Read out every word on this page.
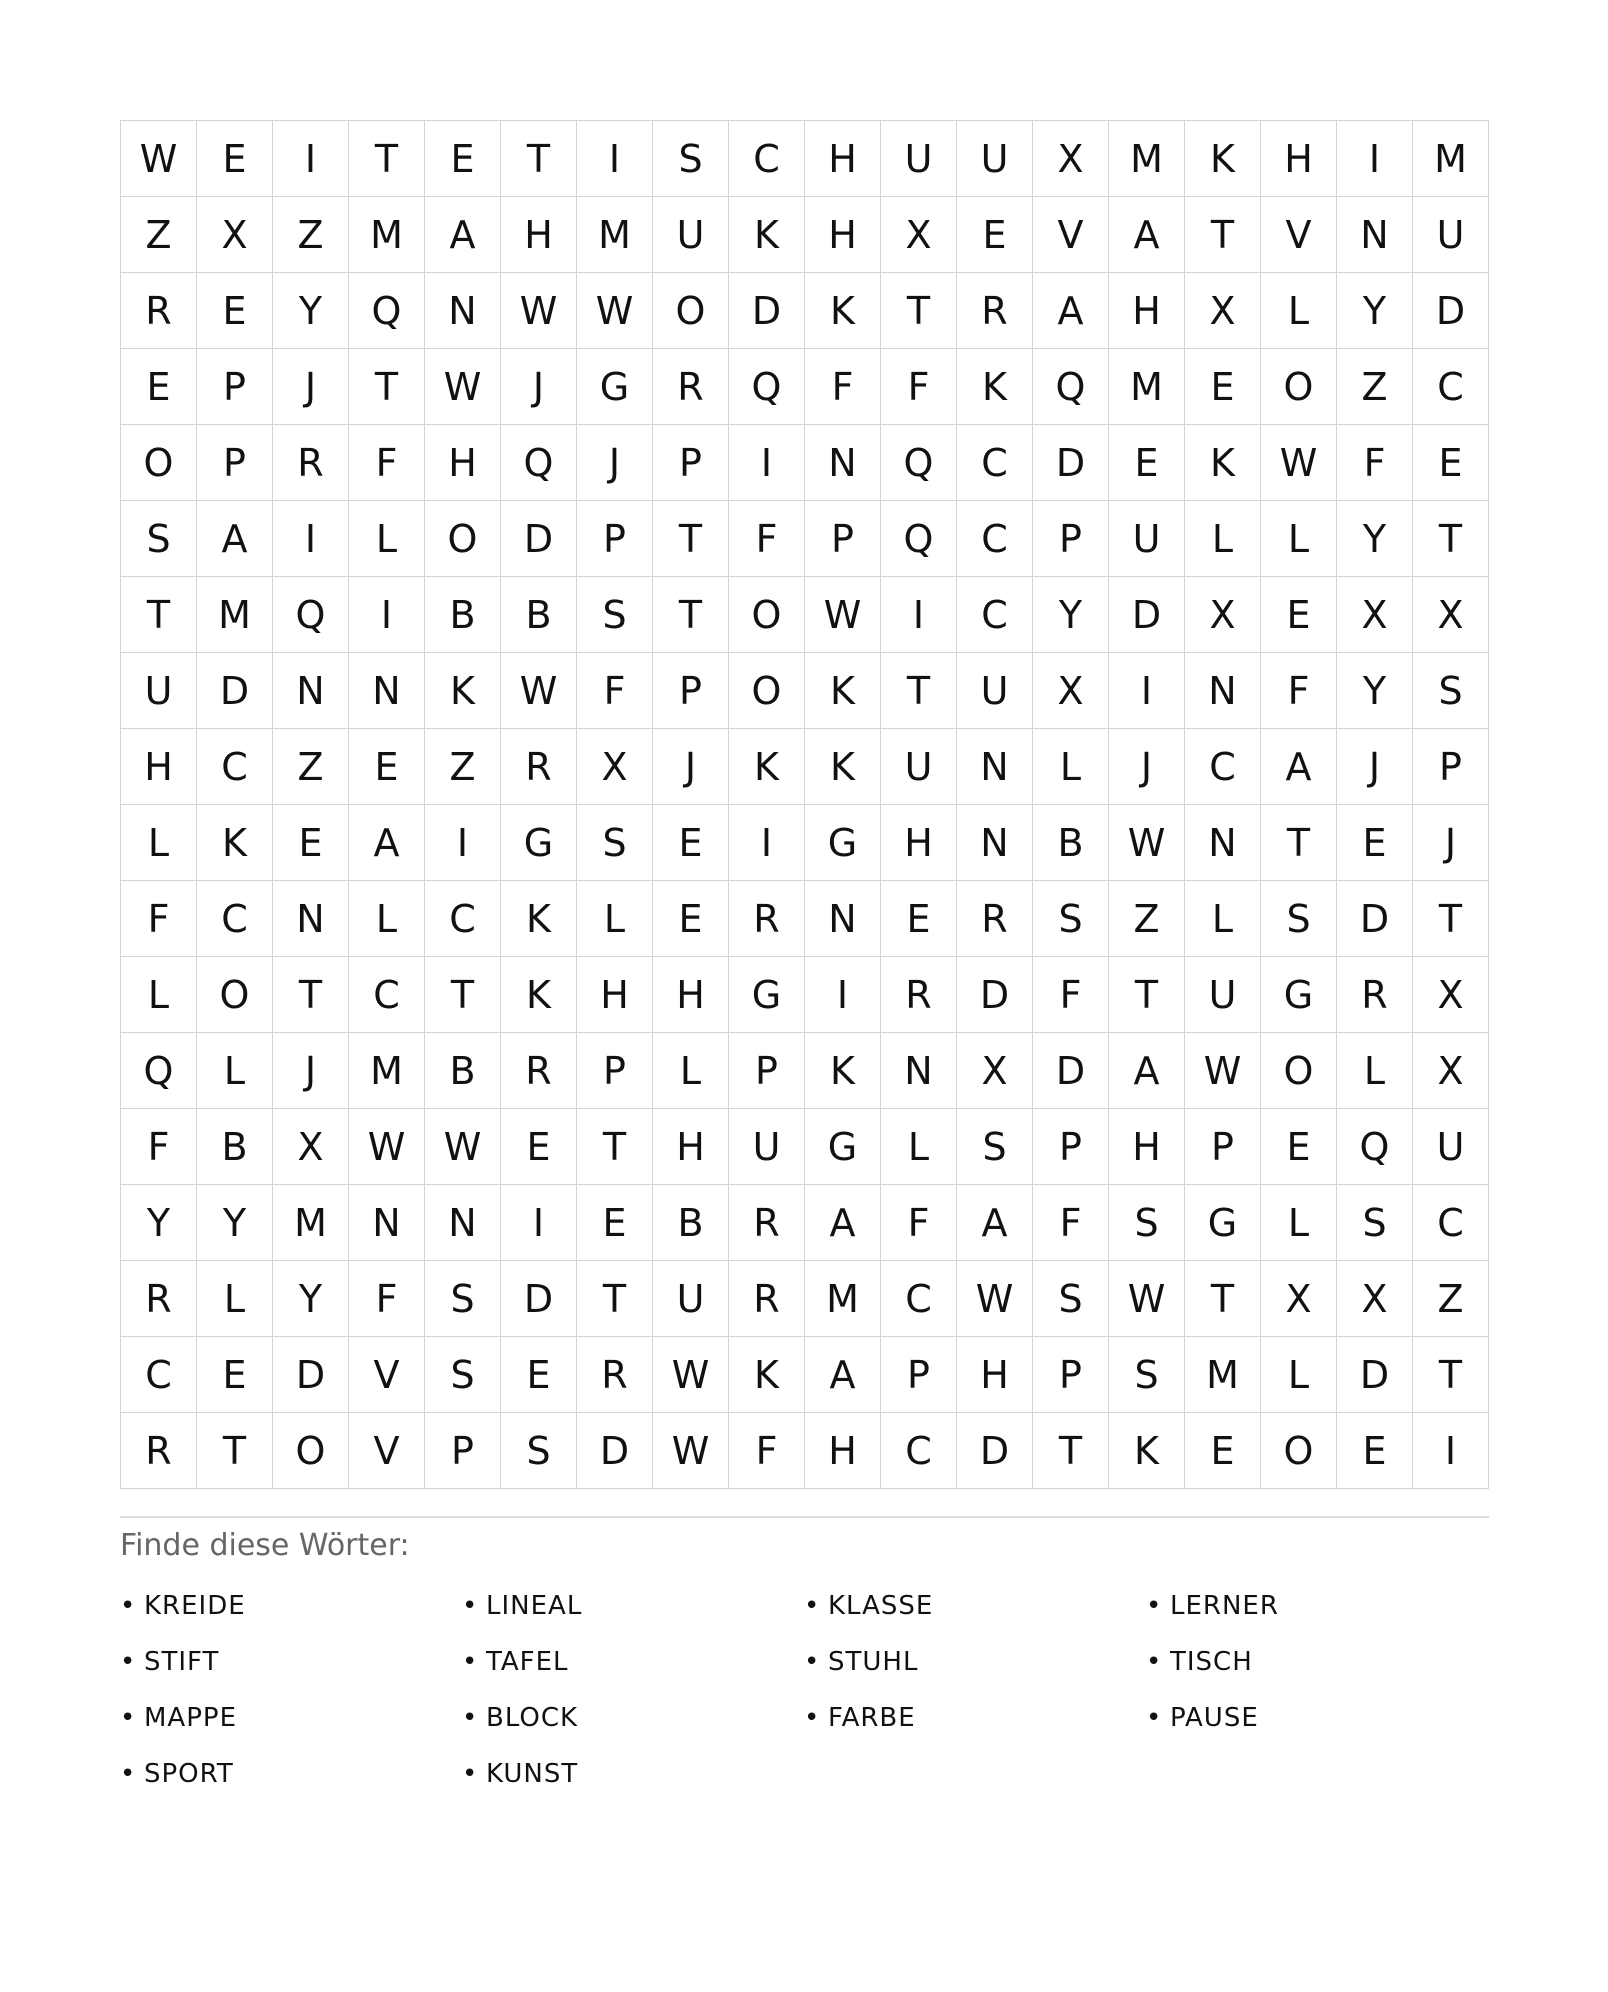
W	E	I	T	E	T	I	S	C	H	U	U	X	M	K	H	I	M
Z	X	Z	M	A	H	M	U	K	H	X	E	V	A	T	V	N	U
R	E	Y	Q	N	W	W	O	D	K	T	R	A	H	X	L	Y	D
E	P	J	T	W	J	G	R	Q	F	F	K	Q	M	E	O	Z	C
O	P	R	F	H	Q	J	P	I	N	Q	C	D	E	K	W	F	E
S	A	I	L	O	D	P	T	F	P	Q	C	P	U	L	L	Y	T
T	M	Q	I	B	B	S	T	O	W	I	C	Y	D	X	E	X	X
U	D	N	N	K	W	F	P	O	K	T	U	X	I	N	F	Y	S
H	C	Z	E	Z	R	X	J	K	K	U	N	L	J	C	A	J	P
L	K	E	A	I	G	S	E	I	G	H	N	B	W	N	T	E	J
F	C	N	L	C	K	L	E	R	N	E	R	S	Z	L	S	D	T
L	O	T	C	T	K	H	H	G	I	R	D	F	T	U	G	R	X
Q	L	J	M	B	R	P	L	P	K	N	X	D	A	W	O	L	X
F	B	X	W	W	E	T	H	U	G	L	S	P	H	P	E	Q	U
Y	Y	M	N	N	I	E	B	R	A	F	A	F	S	G	L	S	C
R	L	Y	F	S	D	T	U	R	M	C	W	S	W	T	X	X	Z
C	E	D	V	S	E	R	W	K	A	P	H	P	S	M	L	D	T
R	T	O	V	P	S	D	W	F	H	C	D	T	K	E	O	E	I
Finde diese Wörter:
• KREIDE	• LINEAL	• KLASSE	• LERNER
• STIFT	• TAFEL	• STUHL	• TISCH
• MAPPE	• BLOCK	• FARBE	• PAUSE
• SPORT	• KUNST
